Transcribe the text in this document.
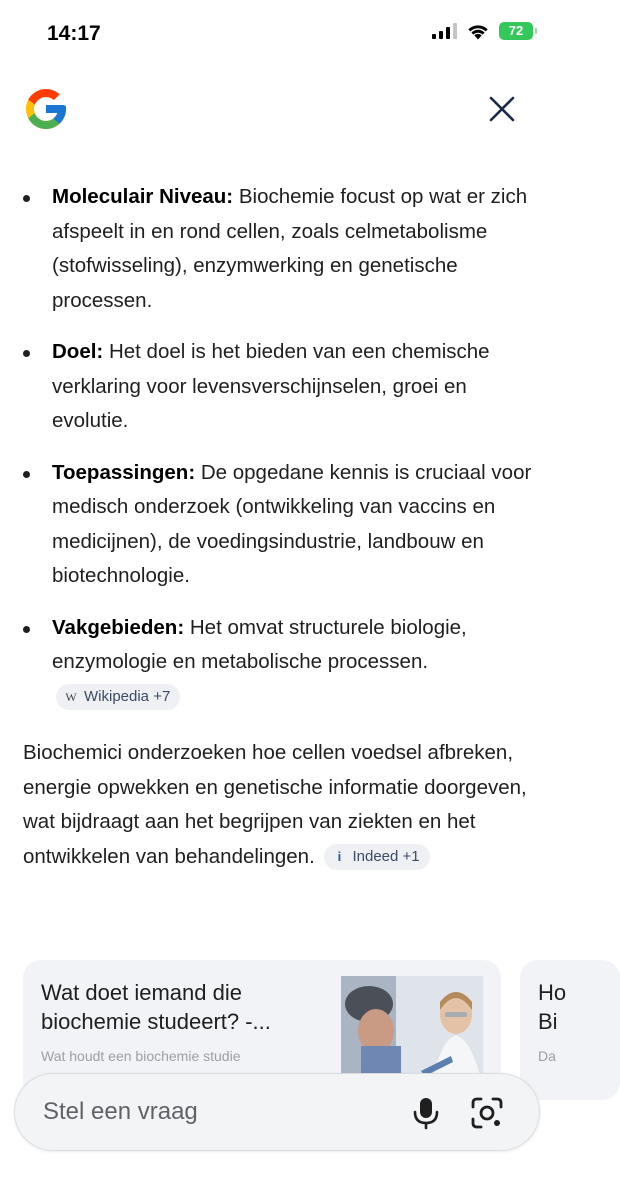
14:17	72
Moleculair Niveau: Biochemie focust op wat er zich afspeelt in en rond cellen, zoals celmetabolisme (stofwisseling), enzymwerking en genetische processen.
Doel: Het doel is het bieden van een chemische verklaring voor levensverschijnselen, groei en evolutie.
Toepassingen: De opgedane kennis is cruciaal voor medisch onderzoek (ontwikkeling van vaccins en medicijnen), de voedingsindustrie, landbouw en biotechnologie.
Vakgebieden: Het omvat structurele biologie, enzymologie en metabolische processen.
W Wikipedia +7

Biochemici onderzoeken hoe cellen voedsel afbreken, energie opwekken en genetische informatie doorgeven, wat bijdraagt aan het begrijpen van ziekten en het ontwikkelen van behandelingen.	i Indeed +1

Wat doet iemand die biochemie studeert? -...
Wat houdt een biochemie studie
Ho Bi
Da
Stel een vraag
